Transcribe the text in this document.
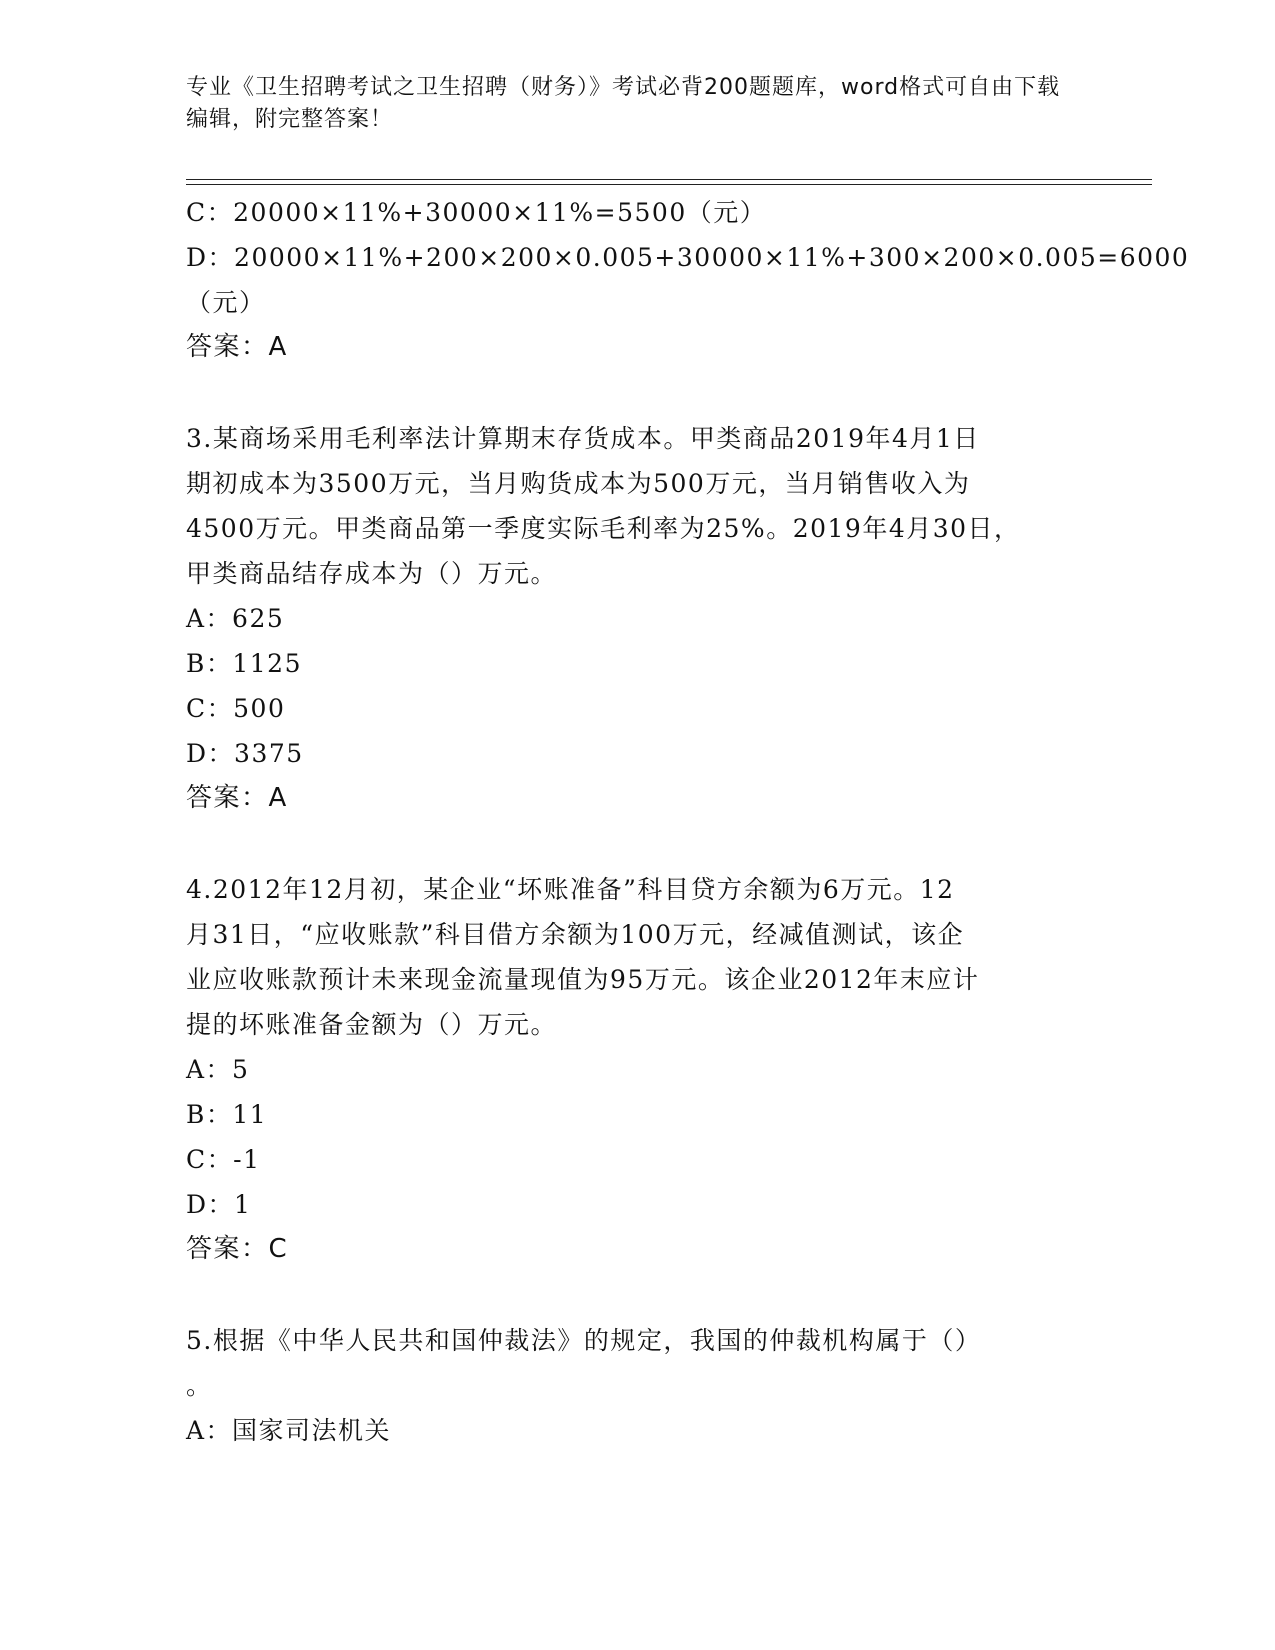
专业《卫生招聘考试之卫生招聘（财务）》考试必背200题题库，word格式可自由下载编辑，附完整答案！
C：20000×11%+30000×11%=5500（元）
D：20000×11%+200×200×0.005+30000×11%+300×200×0.005=6000
（元）
答案：A
3.某商场采用毛利率法计算期末存货成本。甲类商品2019年4月1日
期初成本为3500万元，当月购货成本为500万元，当月销售收入为
4500万元。甲类商品第一季度实际毛利率为25%。2019年4月30日，
甲类商品结存成本为（）万元。
A：625
B：1125
C：500
D：3375
答案：A
4.2012年12月初，某企业“坏账准备”科目贷方余额为6万元。12
月31日，“应收账款”科目借方余额为100万元，经减值测试，该企
业应收账款预计未来现金流量现值为95万元。该企业2012年末应计
提的坏账准备金额为（）万元。
A：5
B：11
C：-1
D：1
答案：C
5.根据《中华人民共和国仲裁法》的规定，我国的仲裁机构属于（）
。
A：国家司法机关
